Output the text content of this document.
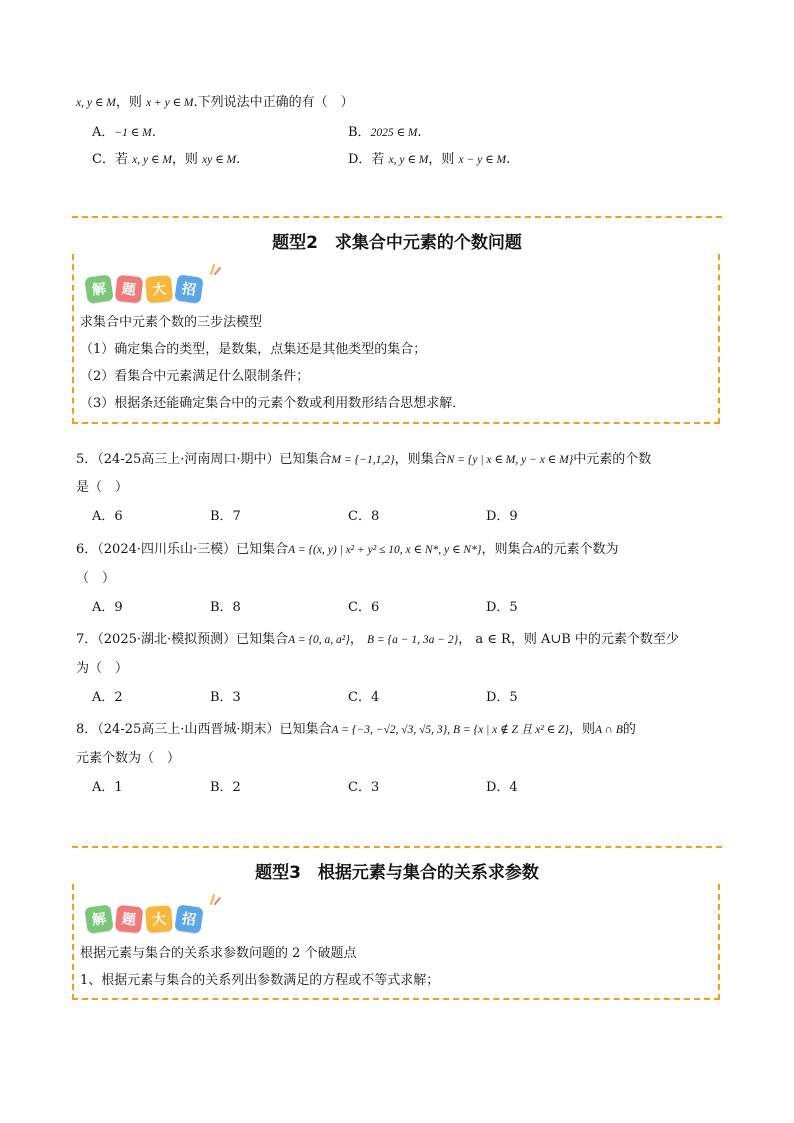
x, y ∈ M，则 x + y ∈ M.下列说法中正确的有（　）
A．−1 ∈ M.	B．2025 ∈ M.
C．若 x, y ∈ M，则 xy ∈ M.	D．若 x, y ∈ M，则 x − y ∈ M.
题型2　求集合中元素的个数问题
解 题	大	招
求集合中元素个数的三步法模型
（1）确定集合的类型，是数集，点集还是其他类型的集合；
（2）看集合中元素满足什么限制条件；
（3）根据条还能确定集合中的元素个数或利用数形结合思想求解．
5．（24-25高三上·河南周口·期中）已知集合M = {−1,1,2}，则集合N = {y | x ∈ M, y − x ∈ M}中元素的个数
是（　）
A．6	B．7	C．8	D．9
6．（2024·四川乐山·三模）已知集合A = {(x, y) | x² + y² ≤ 10, x ∈ N*, y ∈ N*}，则集合A的元素个数为
（　）
A．9	B．8	C．6	D．5
7．（2025·湖北·模拟预测）已知集合A = {0, a, a²}， B = {a − 1, 3a − 2}， a ∈ R，则 A∪B 中的元素个数至少
为（　）
A．2	B．3	C．4	D．5
8．（24-25高三上·山西晋城·期末）已知集合A = {−3, −√2, √3, √5, 3}, B = {x | x ∉ Z 且 x² ∈ Z}，则A ∩ B的
元素个数为（　）
A．1	B．2	C．3	D．4
题型3　根据元素与集合的关系求参数
解 题	大	招
根据元素与集合的关系求参数问题的 2 个破题点
1、根据元素与集合的关系列出参数满足的方程或不等式求解；
